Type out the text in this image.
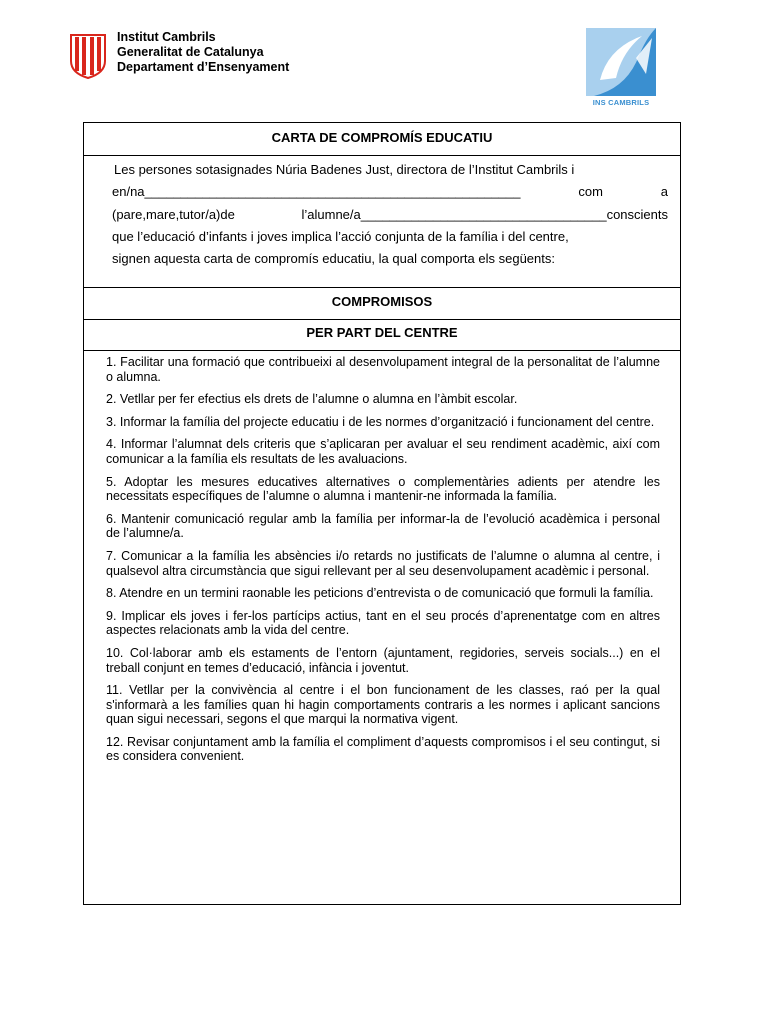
Institut Cambrils
Generalitat de Catalunya
Departament d’Ensenyament
INS CAMBRILS
CARTA DE COMPROMÍS EDUCATIU

Les persones sotasignades Núria Badenes Just, directora de l’Institut Cambrils i

en/na____________________________________________________	com	a
(pare,mare,tutor/a)de	l’alumne/a__________________________________conscients

que l’educació d’infants i joves implica l’acció conjunta de la família i del centre,

signen aquesta carta de compromís educatiu, la qual comporta els següents:

COMPROMISOS
PER PART DEL CENTRE
1. Facilitar una formació que contribueixi al desenvolupament integral de la personalitat de l’alumne o alumna.
2. Vetllar per fer efectius els drets de l’alumne o alumna en l’àmbit escolar.
3. Informar la família del projecte educatiu i de les normes d’organització i funcionament del centre.
4. Informar l’alumnat dels criteris que s’aplicaran per avaluar el seu rendiment acadèmic, així com comunicar a la família els resultats de les avaluacions.
5. Adoptar les mesures educatives alternatives o complementàries adients per atendre les necessitats específiques de l’alumne o alumna i mantenir-ne informada la família.
6. Mantenir comunicació regular amb la família per informar-la de l’evolució acadèmica i personal de l’alumne/a.
7. Comunicar a la família les absències i/o retards no justificats de l’alumne o alumna al centre, i qualsevol altra circumstància que sigui rellevant per al seu desenvolupament acadèmic i personal.
8. Atendre en un termini raonable les peticions d’entrevista o de comunicació que formuli la família.
9. Implicar els joves i fer-los partícips actius, tant en el seu procés d’aprenentatge com en altres aspectes relacionats amb la vida del centre.
10. Col·laborar amb els estaments de l’entorn (ajuntament, regidories, serveis socials...) en el treball conjunt en temes d’educació, infància i joventut.
11. Vetllar per la convivència al centre i el bon funcionament de les classes, raó per la qual s'informarà a les famílies quan hi hagin comportaments contraris a les normes i aplicant sancions quan sigui necessari, segons el que marqui la normativa vigent.
12. Revisar conjuntament amb la família el compliment d’aquests compromisos i el seu contingut, si es considera convenient.
